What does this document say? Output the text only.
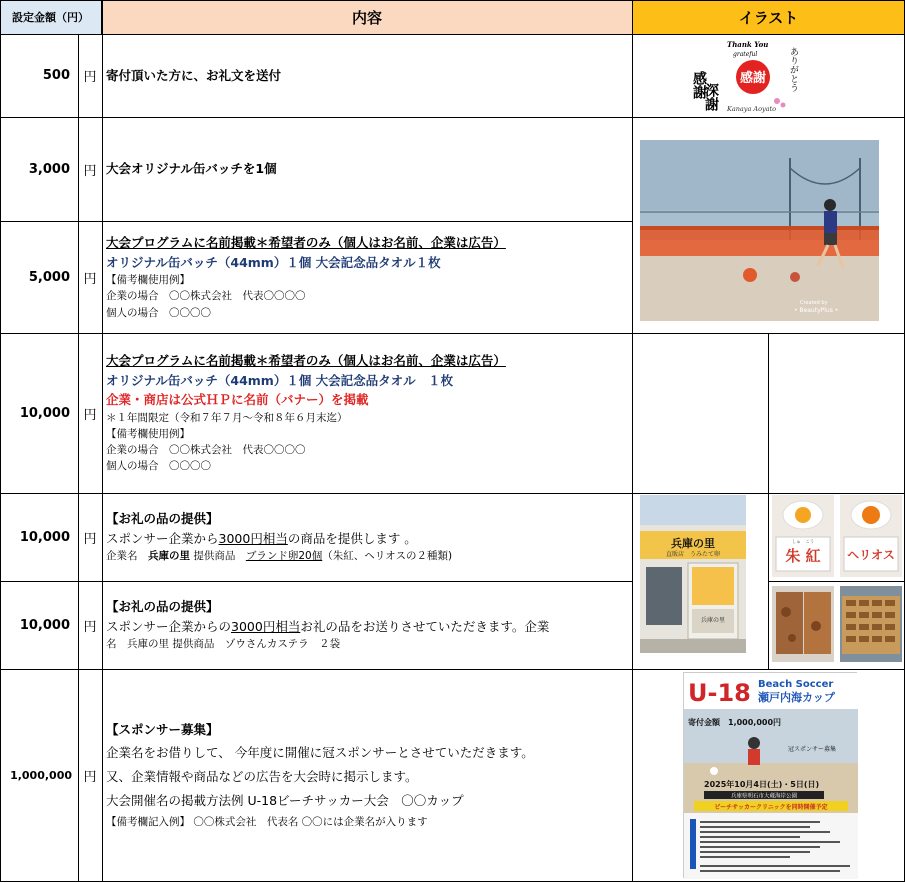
設定金額（円）	内容	イラスト
500	円 寄付頂いた方に、お礼文を送付
3,000	円 大会オリジナル缶バッチを1個
5,000	円
大会プログラムに名前掲載＊希望者のみ（個人はお名前、企業は広告）
オリジナル缶バッチ（44mm）１個 大会記念品タオル１枚
【備考欄使用例】
企業の場合　〇〇株式会社　代表〇〇〇〇
個人の場合　〇〇〇〇
10,000	円
大会プログラムに名前掲載＊希望者のみ（個人はお名前、企業は広告）
オリジナル缶バッチ（44mm）１個 大会記念品タオル　１枚
企業・商店は公式ＨＰに名前（バナー）を掲載
＊１年間限定（令和７年７月～令和８年６月末迄）
【備考欄使用例】
企業の場合　〇〇株式会社　代表〇〇〇〇
個人の場合　〇〇〇〇
10,000	円
【お礼の品の提供】
スポンサー企業から3000円相当の商品を提供します 。
企業名　兵庫の里 提供商品　ブランド卵20個（朱紅、ヘリオスの２種類)
10,000	円
【お礼の品の提供】
スポンサー企業からの3000円相当お礼の品をお送りさせていただきます。企業
名　兵庫の里 提供商品　ゾウさんカステラ　２袋
1,000,000 円
【スポンサー募集】
企業名をお借りして、 今年度に開催に冠スポンサーとさせていただきます。
又、企業情報や商品などの広告を大会時に掲示します。
大会開催名の掲載方法例 U-18ビーチサッカー大会　〇〇カップ
【備考欄記入例】 〇〇株式会社　代表名 〇〇には企業名が入ります
感謝
Thank You
grateful
感謝
深謝
ありがとう
Kanaya Aoyato
Created by
• BeautyPlus •
兵庫の里
直販店　うみたて卵
兵庫の里
しゅ　こう
朱 紅 ヘリオス
U-18 Beach Soccer
瀬戸内海カップ
寄付金額　1,000,000円
冠スポンサー募集
2025年10月4日(土)・5日(日)
兵庫県明石市大蔵海岸公園
ビーチサッカークリニックを同時開催予定
